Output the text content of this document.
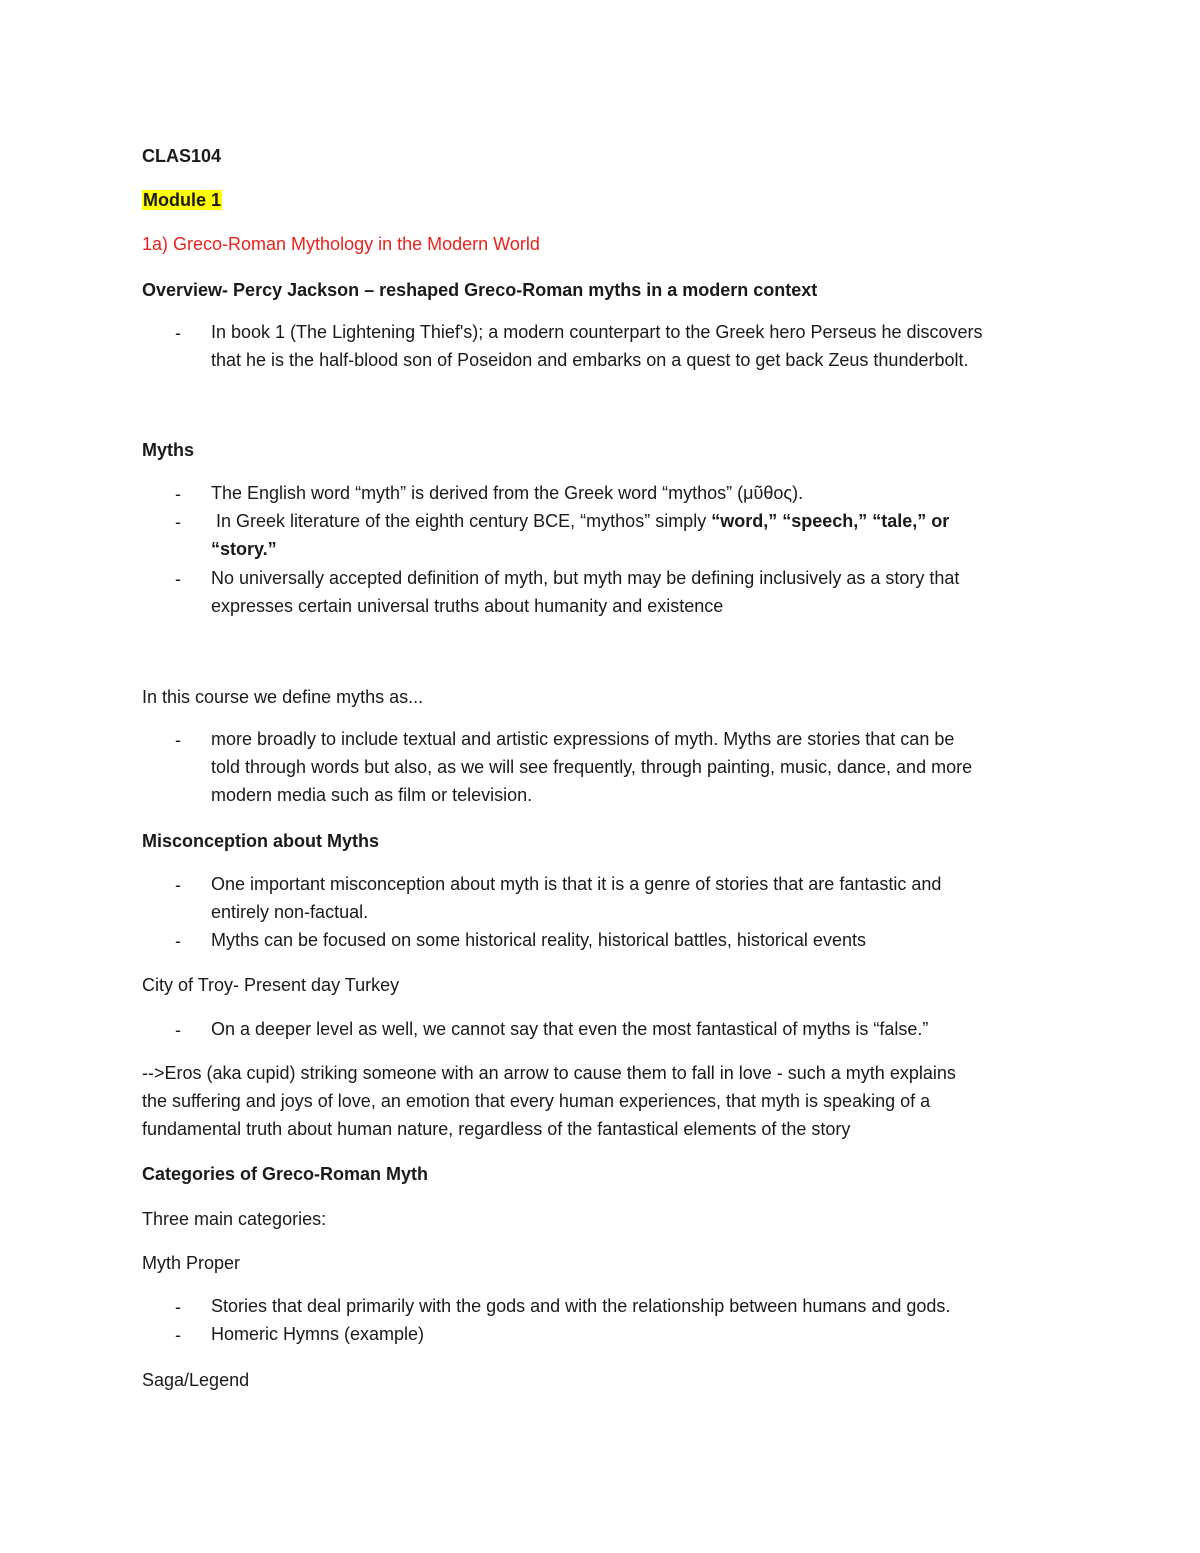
CLAS104
Module 1
1a) Greco-Roman Mythology in the Modern World
Overview- Percy Jackson – reshaped Greco-Roman myths in a modern context
- In book 1 (The Lightening Thief's); a modern counterpart to the Greek hero Perseus he discovers
that he is the half-blood son of Poseidon and embarks on a quest to get back Zeus thunderbolt.
Myths
- The English word “myth” is derived from the Greek word “mythos” (μῦθος).
- In Greek literature of the eighth century BCE, “mythos” simply “word,” “speech,” “tale,” or
“story.”
- No universally accepted definition of myth, but myth may be defining inclusively as a story that
expresses certain universal truths about humanity and existence
In this course we define myths as...
- more broadly to include textual and artistic expressions of myth. Myths are stories that can be
told through words but also, as we will see frequently, through painting, music, dance, and more
modern media such as film or television.
Misconception about Myths
- One important misconception about myth is that it is a genre of stories that are fantastic and
entirely non-factual.
- Myths can be focused on some historical reality, historical battles, historical events
City of Troy- Present day Turkey
- On a deeper level as well, we cannot say that even the most fantastical of myths is “false.”
-->Eros (aka cupid) striking someone with an arrow to cause them to fall in love - such a myth explains
the suffering and joys of love, an emotion that every human experiences, that myth is speaking of a
fundamental truth about human nature, regardless of the fantastical elements of the story
Categories of Greco-Roman Myth
Three main categories:
Myth Proper
- Stories that deal primarily with the gods and with the relationship between humans and gods.
- Homeric Hymns (example)
Saga/Legend
